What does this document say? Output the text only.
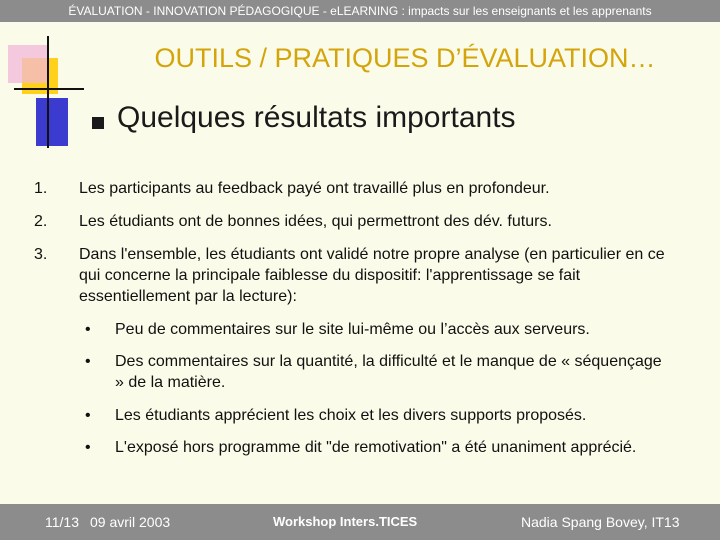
ÉVALUATION - INNOVATION PÉDAGOGIQUE - eLEARNING : impacts sur les enseignants et les apprenants
OUTILS / PRATIQUES D’ÉVALUATION…
Quelques résultats importants
1.	Les participants au feedback payé ont travaillé plus en profondeur.
2.	Les étudiants ont de bonnes idées, qui permettront des dév. futurs.
3.	Dans l'ensemble, les étudiants ont validé notre propre analyse (en particulier en ce qui concerne la principale faiblesse du dispositif: l'apprentissage se fait essentiellement par la lecture):
•	Peu de commentaires sur le site lui-même ou l’accès aux serveurs.
•	Des commentaires sur la quantité, la difficulté et le manque de « séquençage » de la matière.
•	Les étudiants apprécient les choix et les divers supports proposés.
•	L'exposé hors programme dit "de remotivation" a été unaniment apprécié.
11/13 09 avril 2003	Workshop Inters.TICES	Nadia Spang Bovey, IT13
